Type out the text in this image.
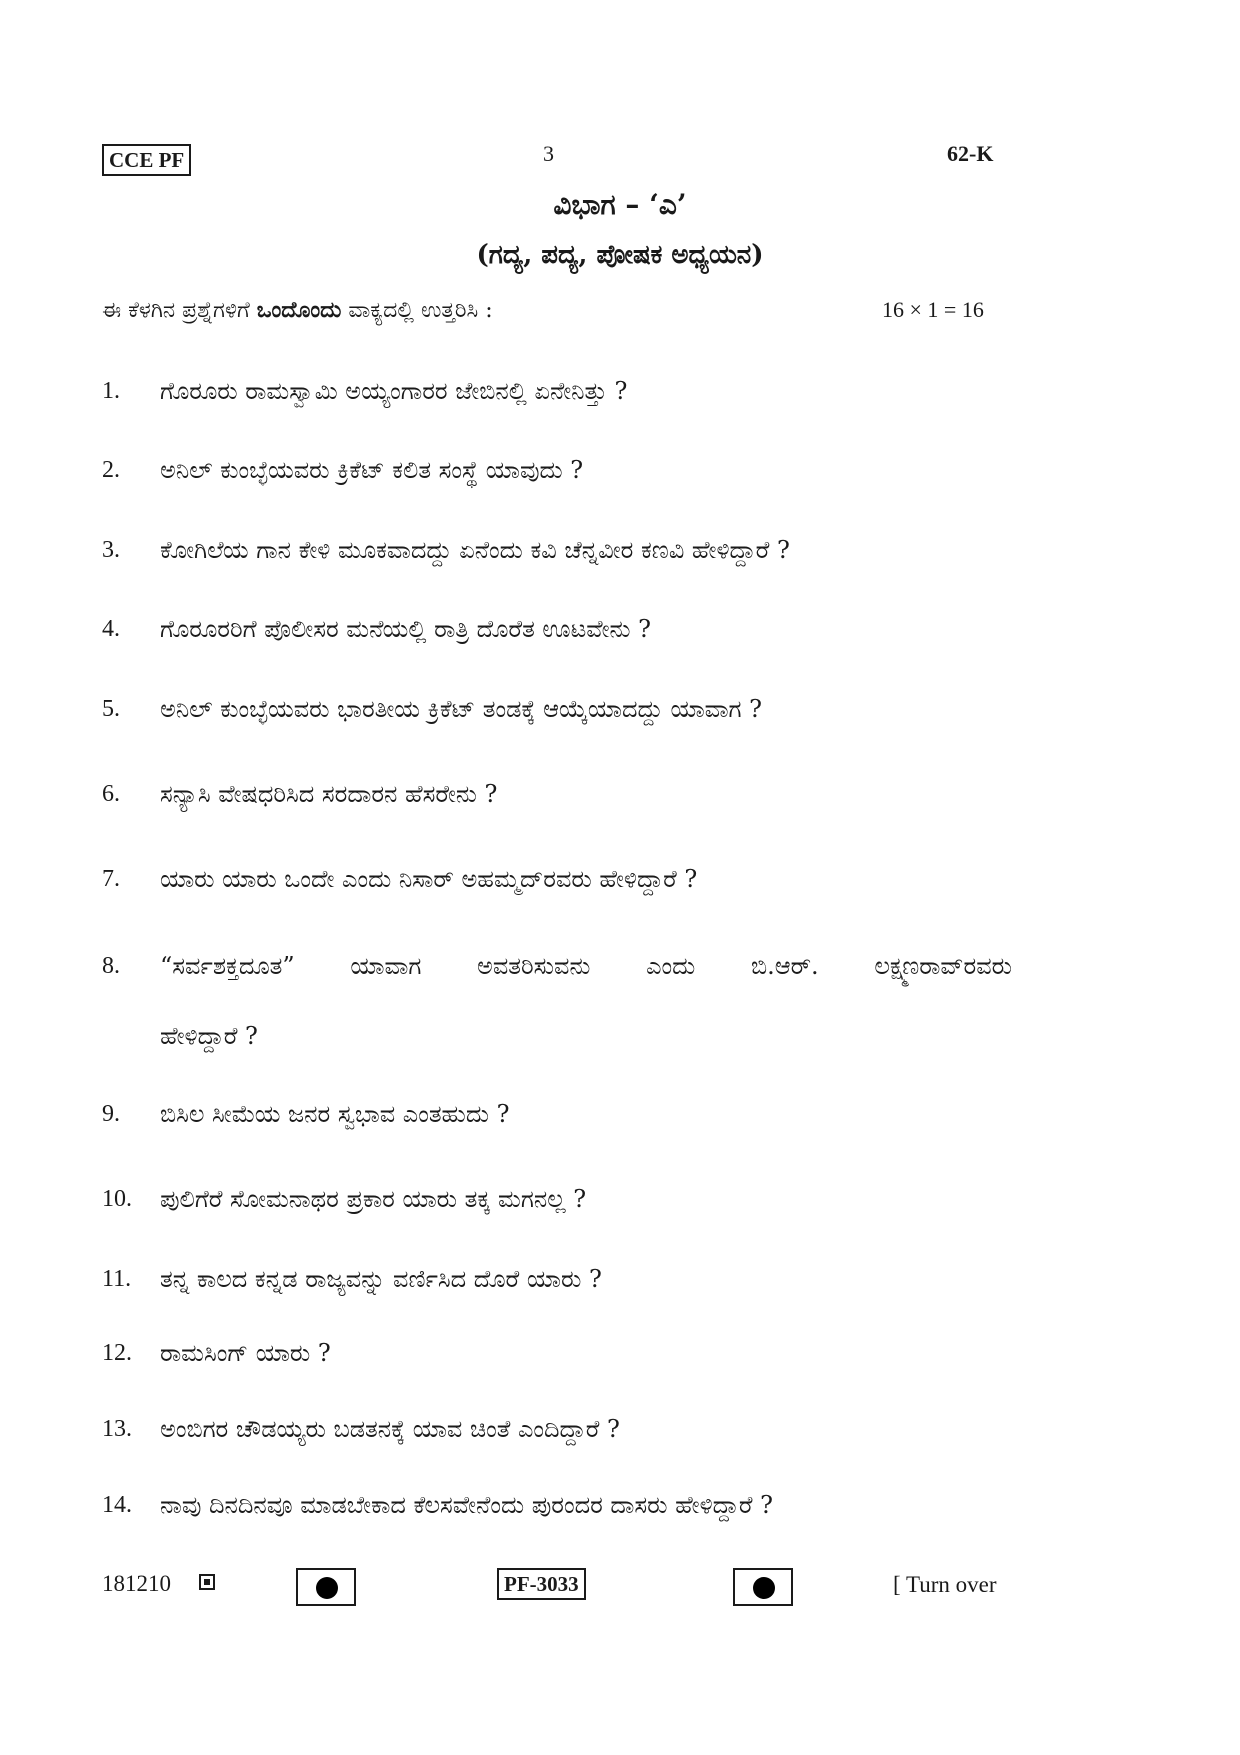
CCE PF	3	62-K
ವಿಭಾಗ – ‘ಎ’
(ಗದ್ಯ, ಪದ್ಯ, ಪೋಷಕ ಅಧ್ಯಯನ)
ಈ ಕೆಳಗಿನ ಪ್ರಶ್ನೆಗಳಿಗೆ ಒಂದೊಂದು ವಾಕ್ಯದಲ್ಲಿ ಉತ್ತರಿಸಿ :	16 × 1 = 16
1. ಗೊರೂರು ರಾಮಸ್ವಾಮಿ ಅಯ್ಯಂಗಾರರ ಜೇಬಿನಲ್ಲಿ ಏನೇನಿತ್ತು ?
2. ಅನಿಲ್ ಕುಂಬ್ಳೆಯವರು ಕ್ರಿಕೆಟ್ ಕಲಿತ ಸಂಸ್ಥೆ ಯಾವುದು ?
3. ಕೋಗಿಲೆಯ ಗಾನ ಕೇಳಿ ಮೂಕವಾದದ್ದು ಏನೆಂದು ಕವಿ ಚೆನ್ನವೀರ ಕಣವಿ ಹೇಳಿದ್ದಾರೆ ?
4. ಗೊರೂರರಿಗೆ ಪೊಲೀಸರ ಮನೆಯಲ್ಲಿ ರಾತ್ರಿ ದೊರೆತ ಊಟವೇನು ?
5. ಅನಿಲ್ ಕುಂಬ್ಳೆಯವರು ಭಾರತೀಯ ಕ್ರಿಕೆಟ್ ತಂಡಕ್ಕೆ ಆಯ್ಕೆಯಾದದ್ದು ಯಾವಾಗ ?
6. ಸನ್ಯಾಸಿ ವೇಷಧರಿಸಿದ ಸರದಾರನ ಹೆಸರೇನು ?
7. ಯಾರು ಯಾರು ಒಂದೇ ಎಂದು ನಿಸಾರ್ ಅಹಮ್ಮದ್‌ರವರು ಹೇಳಿದ್ದಾರೆ ?
8. “ಸರ್ವಶಕ್ತದೂತ” ಯಾವಾಗ ಅವತರಿಸುವನು ಎಂದು ಬಿ.ಆರ್. ಲಕ್ಷ್ಮಣರಾವ್‌ರವರು
ಹೇಳಿದ್ದಾರೆ ?
9. ಬಿಸಿಲ ಸೀಮೆಯ ಜನರ ಸ್ವಭಾವ ಎಂತಹುದು ?
10. ಪುಲಿಗೆರೆ ಸೋಮನಾಥರ ಪ್ರಕಾರ ಯಾರು ತಕ್ಕ ಮಗನಲ್ಲ ?
11. ತನ್ನ ಕಾಲದ ಕನ್ನಡ ರಾಜ್ಯವನ್ನು ವರ್ಣಿಸಿದ ದೊರೆ ಯಾರು ?
12. ರಾಮಸಿಂಗ್ ಯಾರು ?
13. ಅಂಬಿಗರ ಚೌಡಯ್ಯರು ಬಡತನಕ್ಕೆ ಯಾವ ಚಿಂತೆ ಎಂದಿದ್ದಾರೆ ?
14. ನಾವು ದಿನದಿನವೂ ಮಾಡಬೇಕಾದ ಕೆಲಸವೇನೆಂದು ಪುರಂದರ ದಾಸರು ಹೇಳಿದ್ದಾರೆ ?
181210	PF-3033	[ Turn over
